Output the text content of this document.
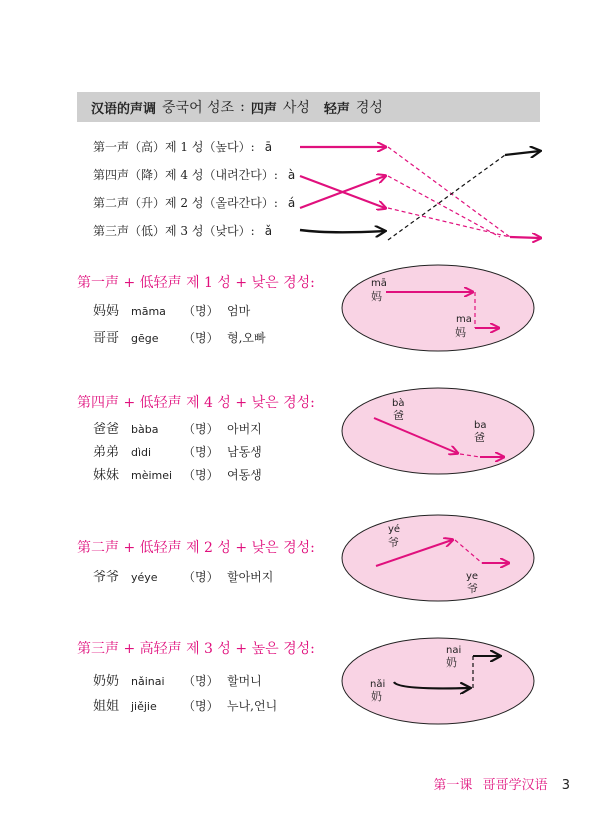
汉语的声调 중국어 성조 : 四声 사성 轻声 경성
第一声（高）제 1 성（높다）: ā
第四声（降）제 4 성（내려간다）: à
第二声（升）제 2 성（올라간다）: á
第三声（低）제 3 성（낮다）: ǎ
第一声 + 低轻声 제 1 성 + 낮은 경성:
第四声 + 低轻声 제 4 성 + 낮은 경성:
第二声 + 低轻声 제 2 성 + 낮은 경성:
第三声 + 高轻声 제 3 성 + 높은 경성:
妈妈 māma （명） 엄마
哥哥 gēge （명） 형,오빠
爸爸 bàba （명） 아버지
弟弟 dìdi	（명） 남동생
妹妹 mèimei （명） 여동생
爷爷 yéye （명） 할아버지
奶奶 nǎinai （명） 할머니
姐姐 jiějie （명） 누나,언니
mā
妈
ma
妈
bà
爸
ba
爸
yé
爷
ye
爷
nai
奶
nǎi
奶
第一课 哥哥学汉语 3
